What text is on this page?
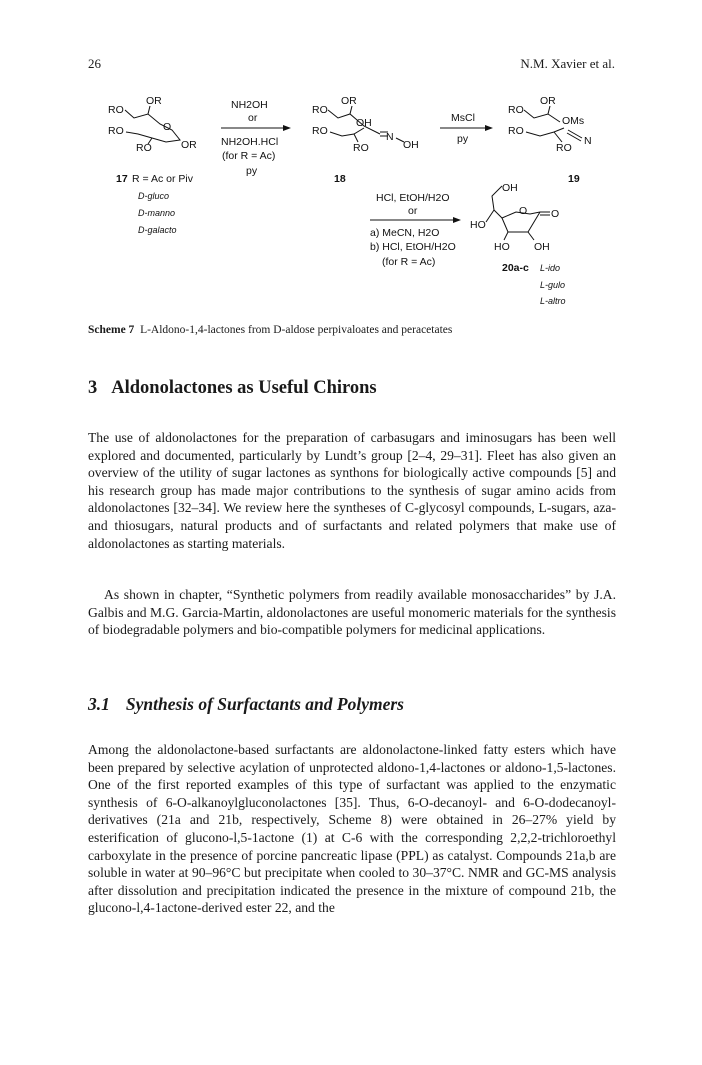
26	N.M. Xavier et al.
RO
OR
RO	O
RO	OR
17 R = Ac or Piv
D-gluco
D-manno
D-galacto
NH2OH
or
NH2OH.HCl
(for R = Ac)
py
RO
OR
RO
OH
N
RO	OH
18
MsCl
py
RO
OR
RO
OMs
N
RO
19
HCl, EtOH/H2O
or
a) MeCN, H2O
b) HCl, EtOH/H2O
(for R = Ac)
OH
HO
O O
HO OH
20a-c L-ido
L-gulo
L-altro
Scheme 7 L-Aldono-1,4-lactones from D-aldose perpivaloates and peracetates
3 Aldonolactones as Useful Chirons

The use of aldonolactones for the preparation of carbasugars and iminosugars has been well explored and documented, particularly by Lundt’s group [2–4, 29–31]. Fleet has also given an overview of the utility of sugar lactones as synthons for biologically active compounds [5] and his research group has made major contributions to the synthesis of sugar amino acids from aldonolactones [32–34]. We review here the syntheses of C-glycosyl compounds, L-sugars, aza- and thiosugars, natural products and of surfactants and related polymers that make use of aldonolactones as starting materials.

As shown in chapter, “Synthetic polymers from readily available monosaccharides” by J.A. Galbis and M.G. Garcia-Martin, aldonolactones are useful monomeric materials for the synthesis of biodegradable polymers and bio-compatible polymers for medicinal applications.

3.1 Synthesis of Surfactants and Polymers

Among the aldonolactone-based surfactants are aldonolactone-linked fatty esters which have been prepared by selective acylation of unprotected aldono-1,4-lactones or aldono-1,5-lactones. One of the first reported examples of this type of surfactant was applied to the enzymatic synthesis of 6-O-alkanoylgluconolactones [35]. Thus, 6-O-decanoyl- and 6-O-dodecanoyl- derivatives (21a and 21b, respectively, Scheme 8) were obtained in 26–27% yield by esterification of glucono-l,5-1actone (1) at C-6 with the corresponding 2,2,2-trichloroethyl carboxylate in the presence of porcine pancreatic lipase (PPL) as catalyst. Compounds 21a,b are soluble in water at 90–96°C but precipitate when cooled to 30–37°C. NMR and GC-MS analysis after dissolution and precipitation indicated the presence in the mixture of compound 21b, the glucono-l,4-1actone-derived ester 22, and the
